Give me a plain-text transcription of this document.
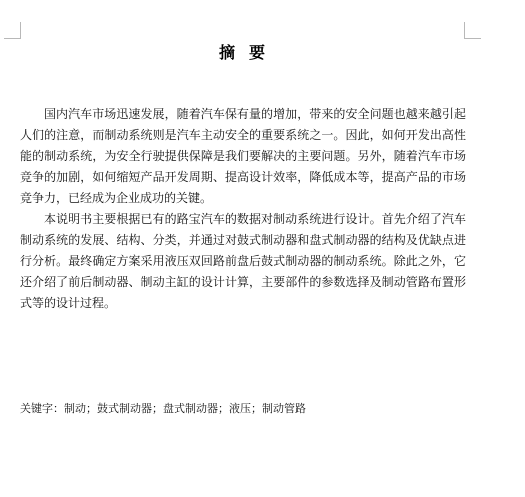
摘要

国内汽车市场迅速发展，随着汽车保有量的增加，带来的安全问题也越来越引起人们的注意，而制动系统则是汽车主动安全的重要系统之一。因此，如何开发出高性能的制动系统，为安全行驶提供保障是我们要解决的主要问题。另外，随着汽车市场竞争的加剧，如何缩短产品开发周期、提高设计效率，降低成本等，提高产品的市场竞争力，已经成为企业成功的关键。

本说明书主要根据已有的路宝汽车的数据对制动系统进行设计。首先介绍了汽车制动系统的发展、结构、分类，并通过对鼓式制动器和盘式制动器的结构及优缺点进行分析。最终确定方案采用液压双回路前盘后鼓式制动器的制动系统。除此之外，它还介绍了前后制动器、制动主缸的设计计算，主要部件的参数选择及制动管路布置形式等的设计过程。

关键字：制动；鼓式制动器；盘式制动器；液压；制动管路
